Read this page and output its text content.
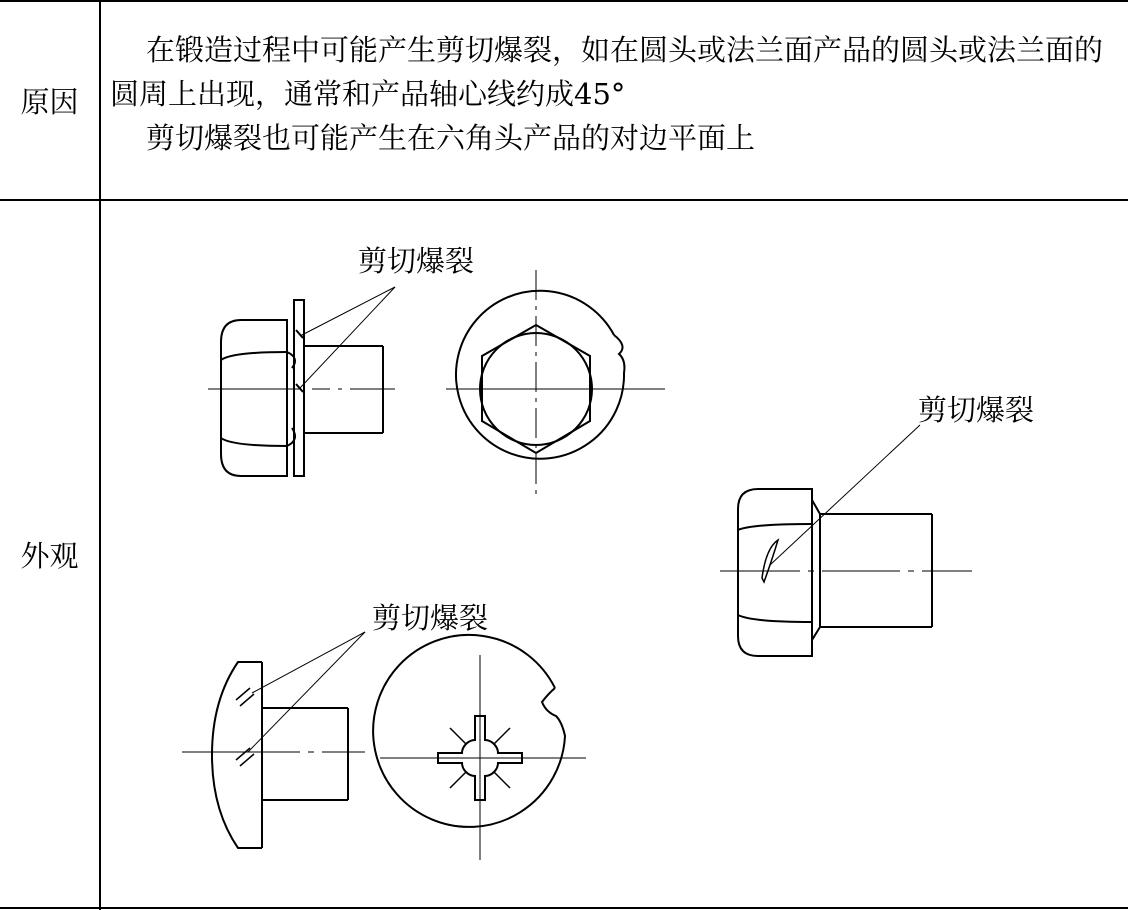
原因

在锻造过程中可能产生剪切爆裂，如在圆头或法兰面产品的圆头或法兰面的圆周上出现，通常和产品轴心线约成45°

剪切爆裂也可能产生在六角头产品的对边平面上

外观
剪切爆裂
剪切爆裂
剪切爆裂
